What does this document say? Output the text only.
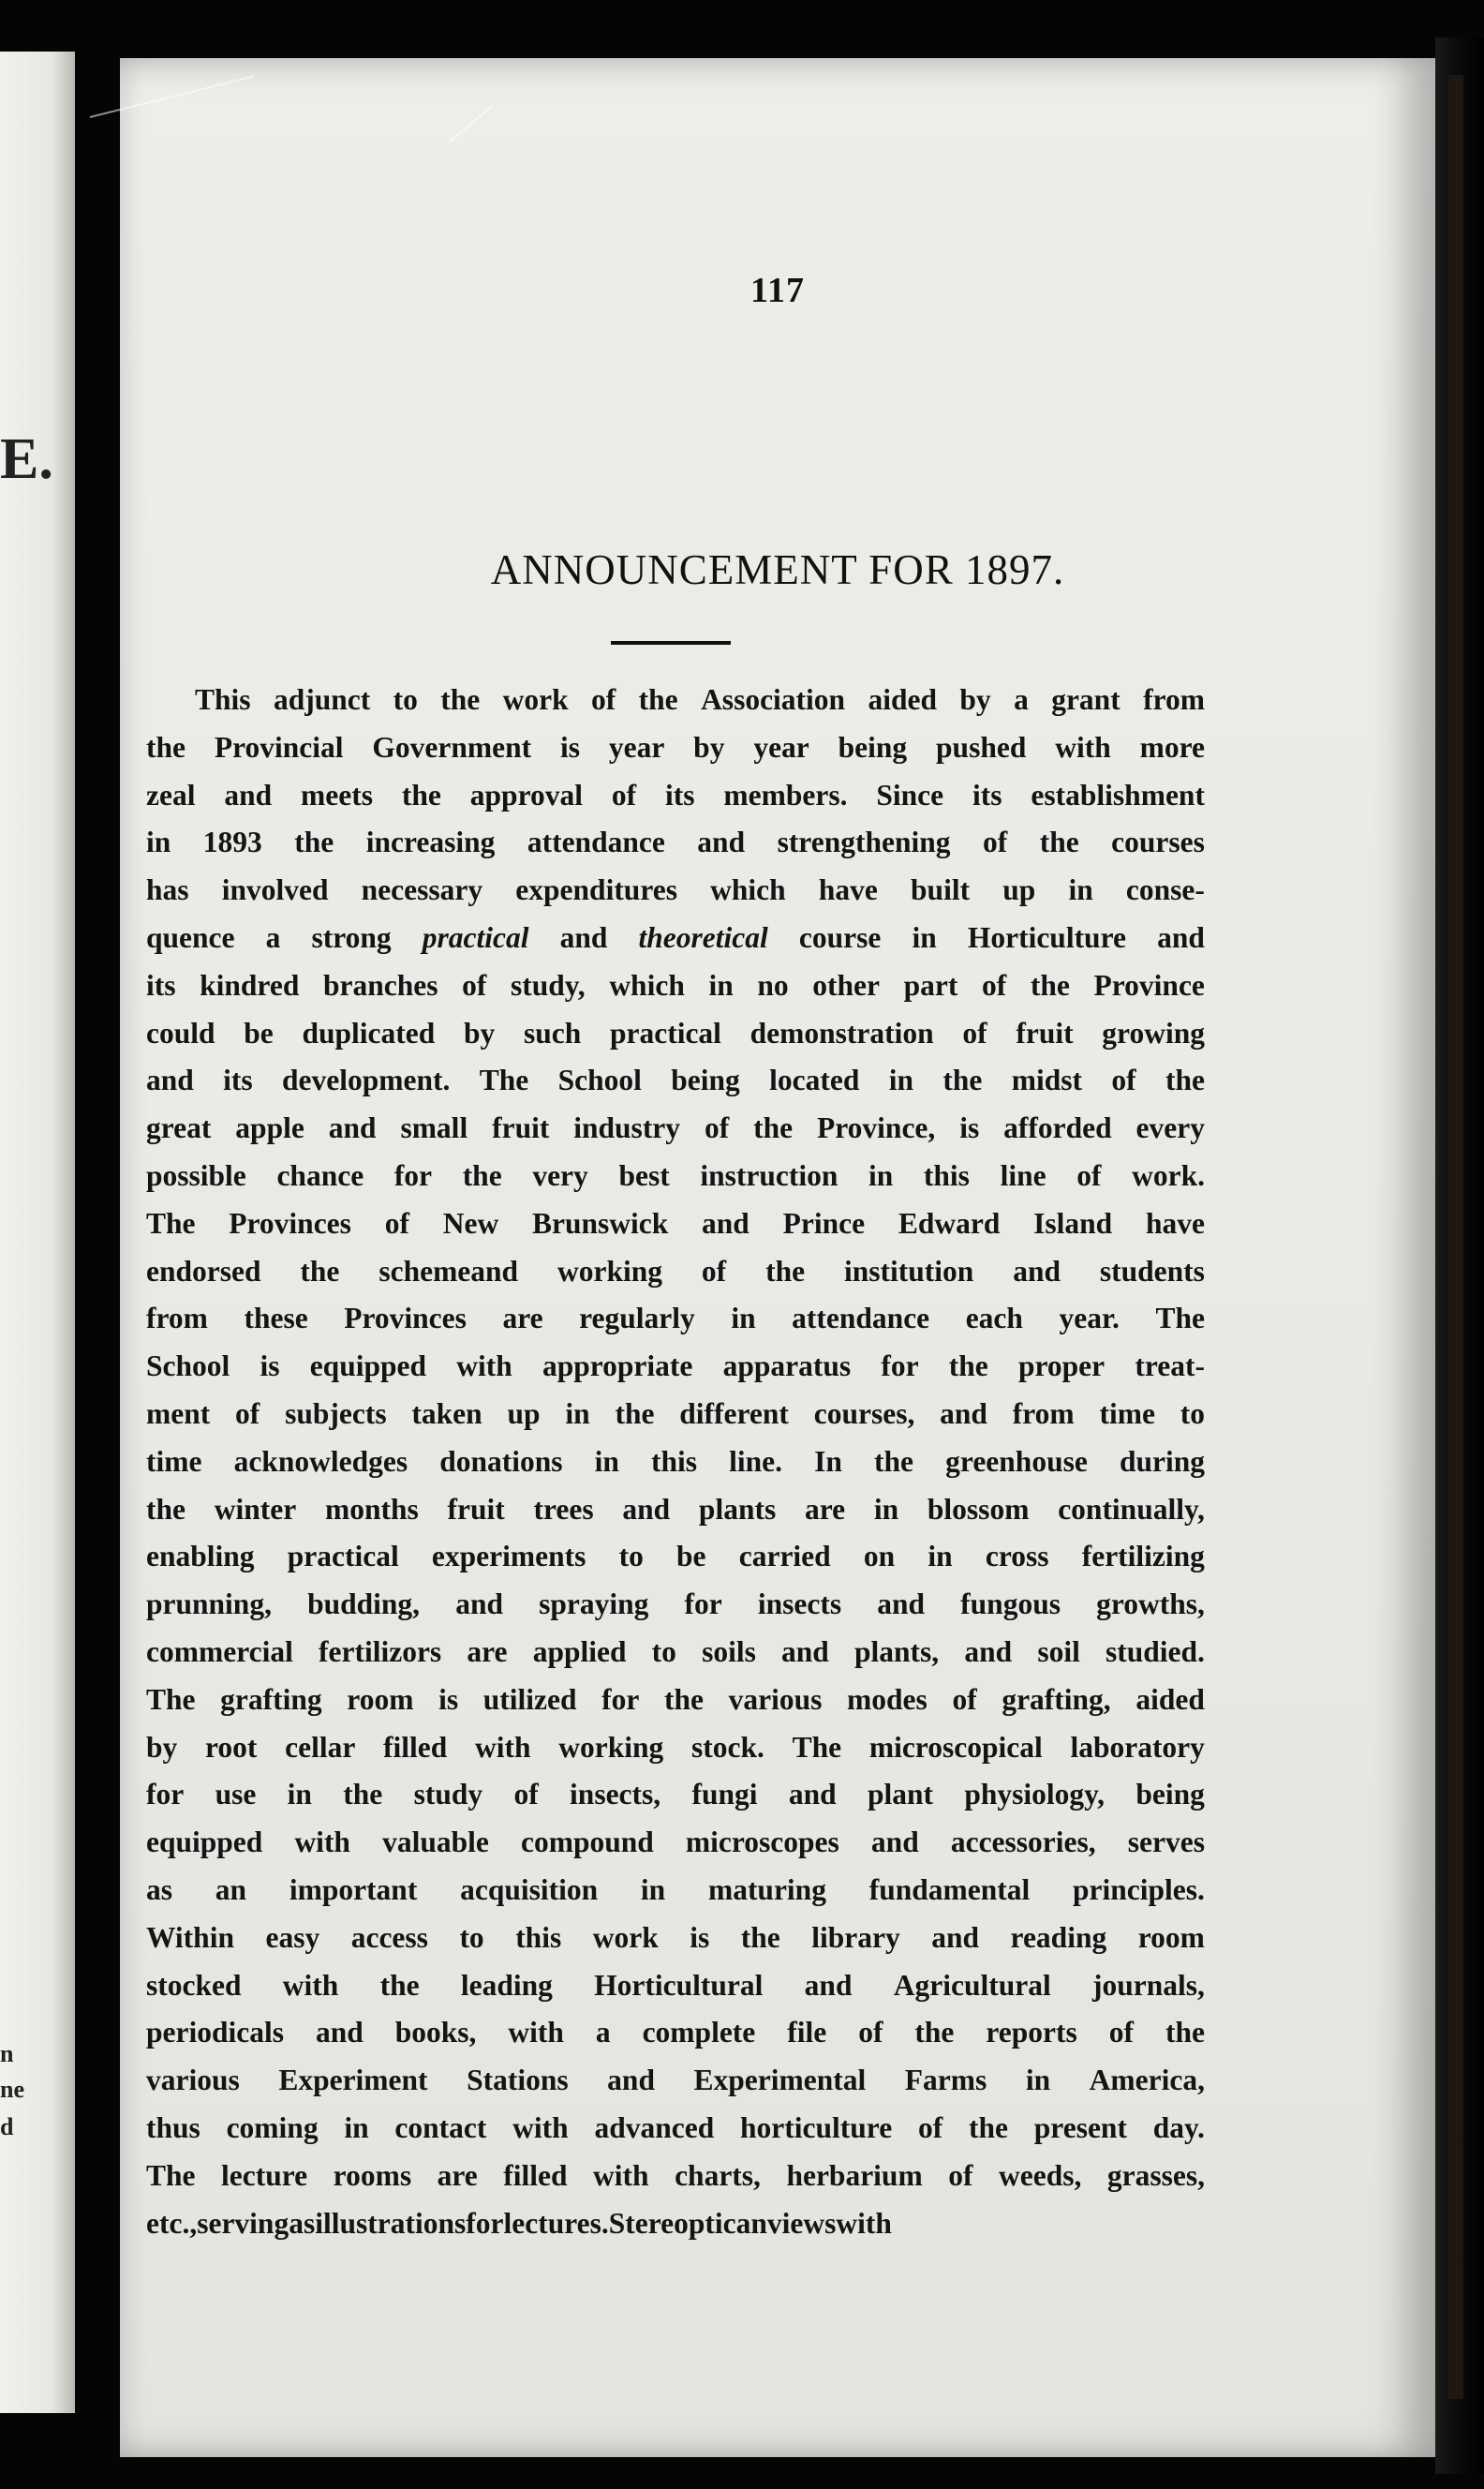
E.
n
ne
d
117
ANNOUNCEMENT FOR 1897.
This adjunct to the work of the Association aided by a grant from
the Provincial Government is year by year being pushed with more
zeal and meets the approval of its members. Since its establishment
in 1893 the increasing attendance and strengthening of the courses
has involved necessary expenditures which have built up in conse-
quence a strong practical and theoretical course in Horticulture and
its kindred branches of study, which in no other part of the Province
could be duplicated by such practical demonstration of fruit growing
and its development. The School being located in the midst of the
great apple and small fruit industry of the Province, is afforded every
possible chance for the very best instruction in this line of work.
The Provinces of New Brunswick and Prince Edward Island have
endorsed the schemeand working of the institution and students
from these Provinces are regularly in attendance each year. The
School is equipped with appropriate apparatus for the proper treat-
ment of subjects taken up in the different courses, and from time to
time acknowledges donations in this line. In the greenhouse during
the winter months fruit trees and plants are in blossom continually,
enabling practical experiments to be carried on in cross fertilizing
prunning, budding, and spraying for insects and fungous growths,
commercial fertilizors are applied to soils and plants, and soil studied.
The grafting room is utilized for the various modes of grafting, aided
by root cellar filled with working stock. The microscopical laboratory
for use in the study of insects, fungi and plant physiology, being
equipped with valuable compound microscopes and accessories, serves
as an important acquisition in maturing fundamental principles.
Within easy access to this work is the library and reading room
stocked with the leading Horticultural and Agricultural journals,
periodicals and books, with a complete file of the reports of the
various Experiment Stations and Experimental Farms in America,
thus coming in contact with advanced horticulture of the present day.
The lecture rooms are filled with charts, herbarium of weeds, grasses,
etc., serving as illustrations for lectures. Stereoptican views with
